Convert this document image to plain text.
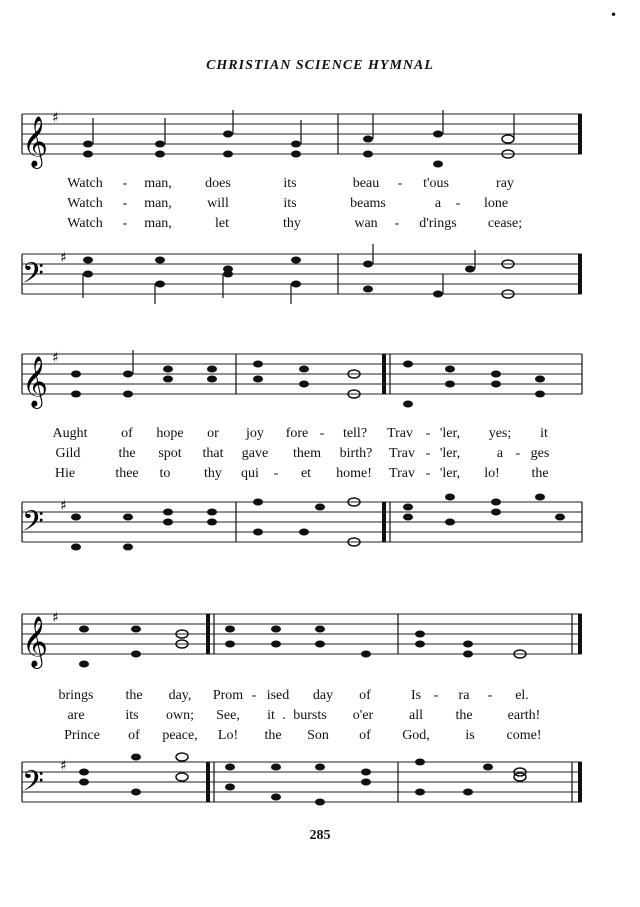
•
CHRISTIAN SCIENCE HYMNAL
𝄞 ♯
Watch - man, does	its	beau - t'ous	ray
Watch - man,	will	its	beams	a - lone
Watch - man,	let	thy	wan - d'rings cease;
𝄢 ♯
𝄞 ♯
Aught of hope or joy fore - tell? Trav - 'ler, yes; it
Gild	the spot that gave them birth? Trav - 'ler,	a - ges
Hie	thee to thy qui - et home! Trav - 'ler, lo! the
𝄢 ♯
𝄞 ♯
brings the day, Prom - ised day of	Is - ra - el.
are	its own; See, it . bursts o'er	all the	earth!
Prince of peace, Lo! the Son of God,	is come!
𝄢 ♯
285
